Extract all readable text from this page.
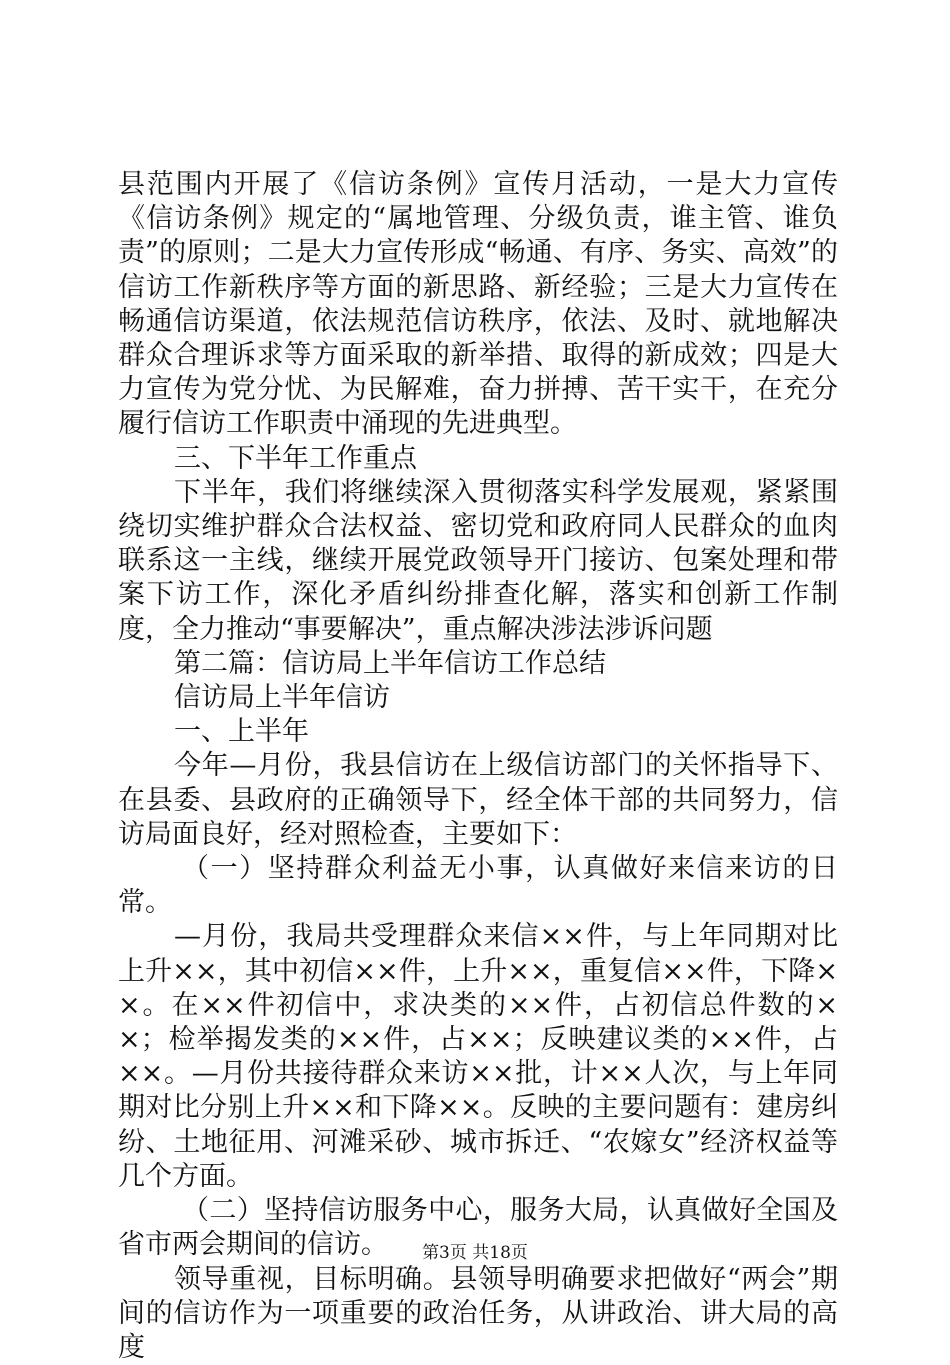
县范围内开展了《信访条例》宣传月活动，一是大力宣传《信访条例》规定的“属地管理、分级负责，谁主管、谁负责”的原则；二是大力宣传形成“畅通、有序、务实、高效”的信访工作新秩序等方面的新思路、新经验；三是大力宣传在畅通信访渠道，依法规范信访秩序，依法、及时、就地解决群众合理诉求等方面采取的新举措、取得的新成效；四是大力宣传为党分忧、为民解难，奋力拼搏、苦干实干，在充分履行信访工作职责中涌现的先进典型。

三、下半年工作重点

下半年，我们将继续深入贯彻落实科学发展观，紧紧围绕切实维护群众合法权益、密切党和政府同人民群众的血肉联系这一主线，继续开展党政领导开门接访、包案处理和带案下访工作，深化矛盾纠纷排查化解，落实和创新工作制度，全力推动“事要解决”，重点解决涉法涉诉问题

第二篇：信访局上半年信访工作总结

信访局上半年信访

一、上半年

今年—月份，我县信访在上级信访部门的关怀指导下、在县委、县政府的正确领导下，经全体干部的共同努力，信访局面良好，经对照检查，主要如下：

（一）坚持群众利益无小事，认真做好来信来访的日常。

—月份，我局共受理群众来信××件，与上年同期对比上升××，其中初信××件，上升××，重复信××件，下降××。在××件初信中，求决类的××件，占初信总件数的××；检举揭发类的××件，占××；反映建议类的××件，占××。—月份共接待群众来访××批，计××人次，与上年同期对比分别上升××和下降××。反映的主要问题有：建房纠纷、土地征用、河滩采砂、城市拆迁、“农嫁女”经济权益等几个方面。

（二）坚持信访服务中心，服务大局，认真做好全国及省市两会期间的信访。

领导重视，目标明确。县领导明确要求把做好“两会”期间的信访作为一项重要的政治任务，从讲政治、讲大局的高度

第3页 共18页
